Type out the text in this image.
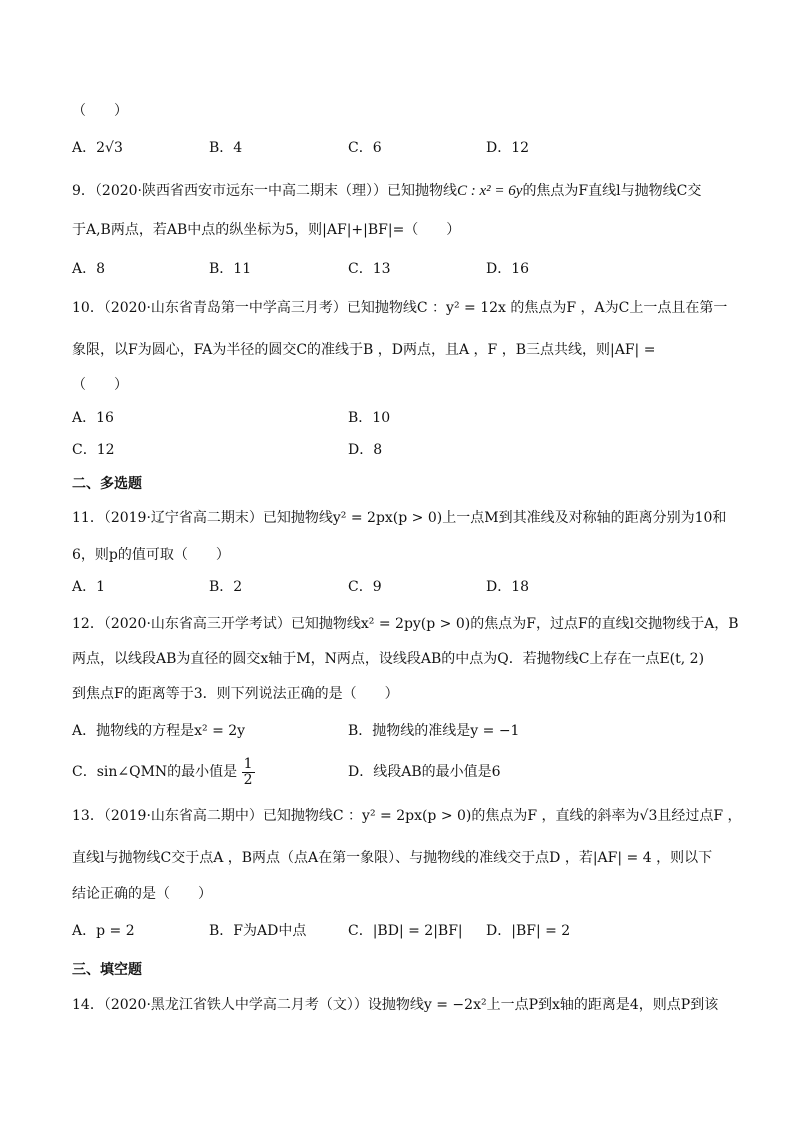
（　　）
A．2√3	B．4	C．6	D．12
9．（2020·陕西省西安市远东一中高二期末（理））已知抛物线C : x² = 6y的焦点为F直线l与抛物线C交
于A,B两点，若AB中点的纵坐标为5，则|AF|+|BF|=（　　）
A．8	B．11	C．13	D．16
10．（2020·山东省青岛第一中学高三月考）已知抛物线C ：y² = 12x 的焦点为F ，A为C上一点且在第一
象限，以F为圆心，FA为半径的圆交C的准线于B ，D两点，且A ，F ，B三点共线，则|AF| =
（　　）
A．16	B．10
C．12	D．8
二、多选题
11．（2019·辽宁省高二期末）已知抛物线y² = 2px(p > 0)上一点M到其准线及对称轴的距离分别为10和
6，则p的值可取（　　）
A．1	B．2	C．9	D．18
12．（2020·山东省高三开学考试）已知抛物线x² = 2py(p > 0)的焦点为F，过点F的直线l交抛物线于A，B
两点，以线段AB为直径的圆交x轴于M，N两点，设线段AB的中点为Q．若抛物线C上存在一点E(t, 2)
到焦点F的距离等于3．则下列说法正确的是（　　）
A．抛物线的方程是x² = 2y	B．抛物线的准线是y = −1
C．sin∠QMN的最小值是 $\frac{1}{2}$	D．线段AB的最小值是6
13．（2019·山东省高二期中）已知抛物线C ：y² = 2px(p > 0)的焦点为F ，直线的斜率为√3且经过点F ，
直线l与抛物线C交于点A ，B两点（点A在第一象限）、与抛物线的准线交于点D ，若|AF| = 4 ，则以下
结论正确的是（　　）
A．p = 2	B．F为AD中点	C．|BD| = 2|BF| D．|BF| = 2
三、填空题
14．（2020·黑龙江省铁人中学高二月考（文））设抛物线y = −2x²上一点P到x轴的距离是4，则点P到该
